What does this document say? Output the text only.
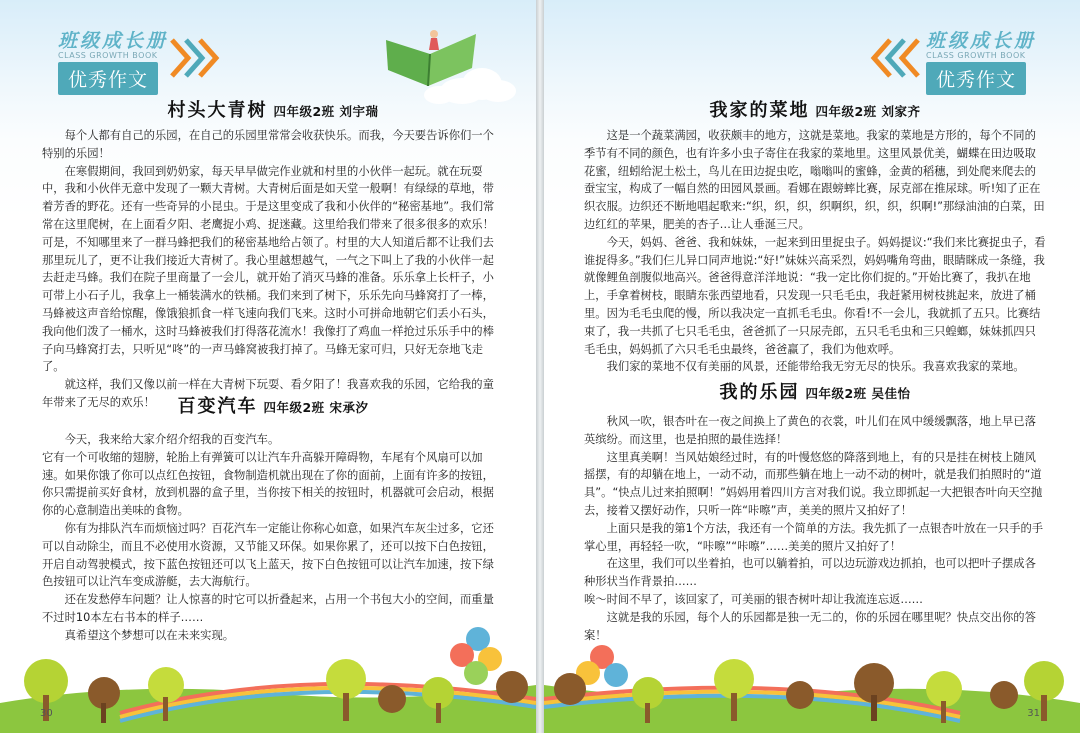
班级成长册
CLASS GROWTH BOOK
优秀作文
村头大青树 四年级2班 刘宇瑞

每个人都有自己的乐园，在自己的乐园里常常会收获快乐。而我，今天要告诉你们一个特别的乐园！

在寒假期间，我回到奶奶家，每天早早做完作业就和村里的小伙伴一起玩。就在玩耍中，我和小伙伴无意中发现了一颗大青树。大青树后面是如天堂一般啊！有绿绿的草地，带着芳香的野花。还有一些奇异的小昆虫。于是这里变成了我和小伙伴的“秘密基地”。我们常常在这里爬树，在上面看夕阳、老鹰捉小鸡、捉迷藏。这里给我们带来了很多很多的欢乐！可是，不知哪里来了一群马蜂把我们的秘密基地给占领了。村里的大人知道后都不让我们去那里玩儿了，更不让我们接近大青树了。我心里越想越气，一气之下叫上了我的小伙伴一起去赶走马蜂。我们在院子里商量了一会儿，就开始了消灭马蜂的准备。乐乐拿上长杆子，小可带上小石子儿，我拿上一桶装满水的铁桶。我们来到了树下，乐乐先向马蜂窝打了一棒，马蜂被这声音给惊醒，像饿狼抓食一样飞速向我们飞来。这时小可拼命地朝它们丢小石头，我向他们泼了一桶水，这时马蜂被我们打得落花流水！我像打了鸡血一样抢过乐乐手中的棒子向马蜂窝打去，只听见“咚”的一声马蜂窝被我打掉了。马蜂无家可归，只好无奈地飞走了。

就这样，我们又像以前一样在大青树下玩耍、看夕阳了！我喜欢我的乐园，它给我的童年带来了无尽的欢乐！	百变汽车 四年级2班 宋承汐

今天，我来给大家介绍介绍我的百变汽车。

它有一个可收缩的翅膀，轮胎上有弹簧可以让汽车升高躲开障碍物，车尾有个风扇可以加速。如果你饿了你可以点红色按钮，食物制造机就出现在了你的面前，上面有许多的按钮，你只需提前买好食材，放到机器的盒子里，当你按下相关的按钮时，机器就可会启动，根据你的心意制造出美味的食物。

你有为排队汽车而烦恼过吗？百花汽车一定能让你称心如意，如果汽车灰尘过多，它还可以自动除尘，而且不必使用水资源，又节能又环保。如果你累了，还可以按下白色按钮，开启自动驾驶模式，按下蓝色按钮还可以飞上蓝天，按下白色按钮可以让汽车加速，按下绿色按钮可以让汽车变成游艇，去大海航行。

还在发愁停车问题？让人惊喜的时它可以折叠起来，占用一个书包大小的空间，而重量不过时10本左右书本的样子……

真希望这个梦想可以在未来实现。

30
班级成长册
CLASS GROWTH BOOK
优秀作文
我家的菜地 四年级2班 刘家齐

这是一个蔬菜满园，收获颇丰的地方，这就是菜地。我家的菜地是方形的，每个不同的季节有不同的颜色，也有许多小虫子寄住在我家的菜地里。这里风景优美，蝴蝶在田边吸取花蜜，纽蚓给泥土松土，鸟儿在田边捉虫吃，嗡嗡叫的蜜蜂，金黄的稻穗，到处爬来爬去的蚕宝宝，构成了一幅自然的田园风景画。看娜在跟螃蟀比赛，尿克部在推尿球。听!知了正在织衣服。边织还不断地唱起歌来:“织，织，织，织啊织，织，织，织啊!”那绿油油的白菜，田边红红的苹果，肥美的杏子…让人垂涎三尺。

今天，妈妈、爸爸、我和妹妹，一起来到田里捉虫子。妈妈提议:“我们来比赛捉虫子，看谁捉得多。”我们仨儿异口同声地说:“好!”妹妹兴高采烈，妈妈嘴角弯曲，眼睛眯成一条缝，我就像鲤鱼剖腹似地高兴。爸爸得意洋洋地说：“我一定比你们捉的。”开始比赛了，我扒在地上，手拿着树枝，眼睛东张西望地看，只发现一只毛毛虫，我赶紧用树枝挑起来，放进了桶里。因为毛毛虫爬的慢，所以我决定一直抓毛毛虫。你看!不一会儿，我就抓了五只。比赛结束了，我一共抓了七只毛毛虫，爸爸抓了一只尿壳郎，五只毛毛虫和三只蝗螂，妹妹抓四只毛毛虫，妈妈抓了六只毛毛虫最终，爸爸赢了，我们为他欢呼。

我们家的菜地不仅有美丽的风景，还能带给我无穷无尽的快乐。我喜欢我家的菜地。

我的乐园 四年级2班 吴佳怡

秋风一吹，银杏叶在一夜之间换上了黄色的衣裳，叶儿们在风中缓缓飘落，地上早已落英缤纷。而这里，也是拍照的最佳选择！

这里真美啊！当风姑娘经过时，有的叶慢悠悠的降落到地上，有的只是挂在树枝上随风摇摆，有的却躺在地上，一动不动，而那些躺在地上一动不动的树叶，就是我们拍照时的“道具”。“快点儿过来拍照啊！”妈妈用着四川方言对我们说。我立即抓起一大把银杏叶向天空抛去，接着又摆好动作，只听一阵“咔嚓”声，美美的照片又拍好了！

上面只是我的第1个方法，我还有一个简单的方法。我先抓了一点银杏叶放在一只手的手掌心里，再轻轻一吹，“咔嚓”“咔嚓”……美美的照片又拍好了！

在这里，我们可以坐着拍，也可以躺着拍，可以边玩游戏边抓拍，也可以把叶子摆成各种形状当作背景拍……

唉～时间不早了，该回家了，可美丽的银杏树叶却让我流连忘返……

这就是我的乐园，每个人的乐园都是独一无二的，你的乐园在哪里呢？快点交出你的答案！

31
